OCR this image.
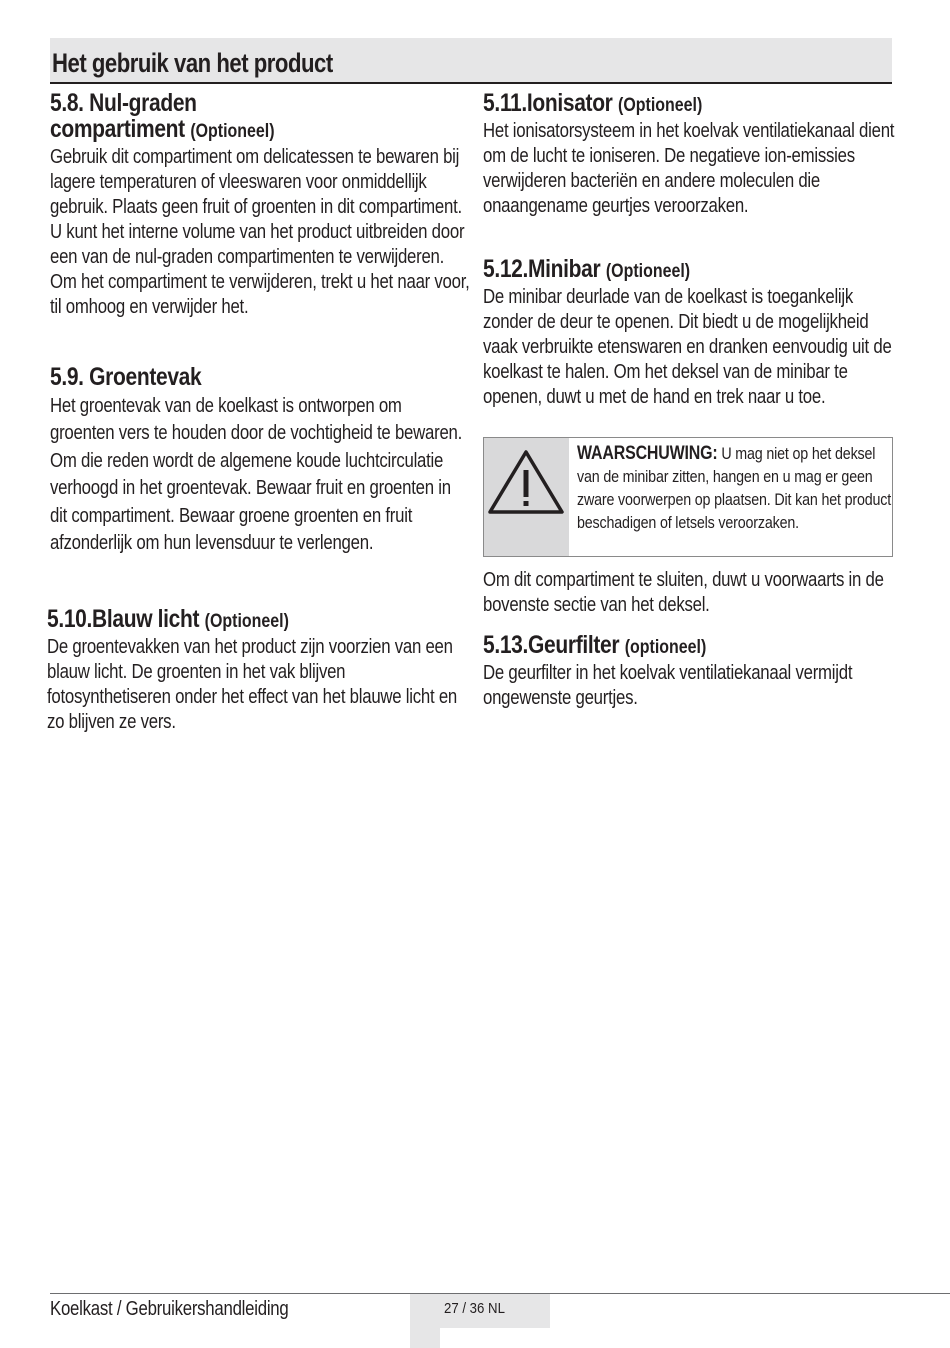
Het gebruik van het product
5.8. Nul-graden
compartiment (Optioneel)
Gebruik dit compartiment om delicatessen te bewaren bij lagere temperaturen of vleeswaren voor onmiddellijk gebruik. Plaats geen fruit of groenten in dit compartiment. U kunt het interne volume van het product uitbreiden door een van de nul-graden compartimenten te verwijderen. Om het compartiment te verwijderen, trekt u het naar voor, til omhoog en verwijder het.
5.9. Groentevak
Het groentevak van de koelkast is ontworpen om groenten vers te houden door de vochtigheid te bewaren. Om die reden wordt de algemene koude luchtcirculatie verhoogd in het groentevak. Bewaar fruit en groenten in dit compartiment. Bewaar groene groenten en fruit afzonderlijk om hun levensduur te verlengen.
5.10.Blauw licht (Optioneel)
De groentevakken van het product zijn voorzien van een blauw licht. De groenten in het vak blijven fotosynthetiseren onder het effect van het blauwe licht en zo blijven ze vers.
5.11.Ionisator (Optioneel)
Het ionisatorsysteem in het koelvak ventilatiekanaal dient om de lucht te ioniseren. De negatieve ion-emissies verwijderen bacteriën en andere moleculen die onaangename geurtjes veroorzaken.
5.12.Minibar (Optioneel)
De minibar deurlade van de koelkast is toegankelijk zonder de deur te openen. Dit biedt u de mogelijkheid vaak verbruikte etenswaren en dranken eenvoudig uit de koelkast te halen. Om het deksel van de minibar te openen, duwt u met de hand en trek naar u toe.
WAARSCHUWING: U mag niet op het deksel van de minibar zitten, hangen en u mag er geen zware voorwerpen op plaatsen. Dit kan het product beschadigen of letsels veroorzaken.
Om dit compartiment te sluiten, duwt u voorwaarts in de bovenste sectie van het deksel.
5.13.Geurfilter (optioneel)
De geurfilter in het koelvak ventilatiekanaal vermijdt ongewenste geurtjes.
Koelkast / Gebruikershandleiding	27 / 36 NL
